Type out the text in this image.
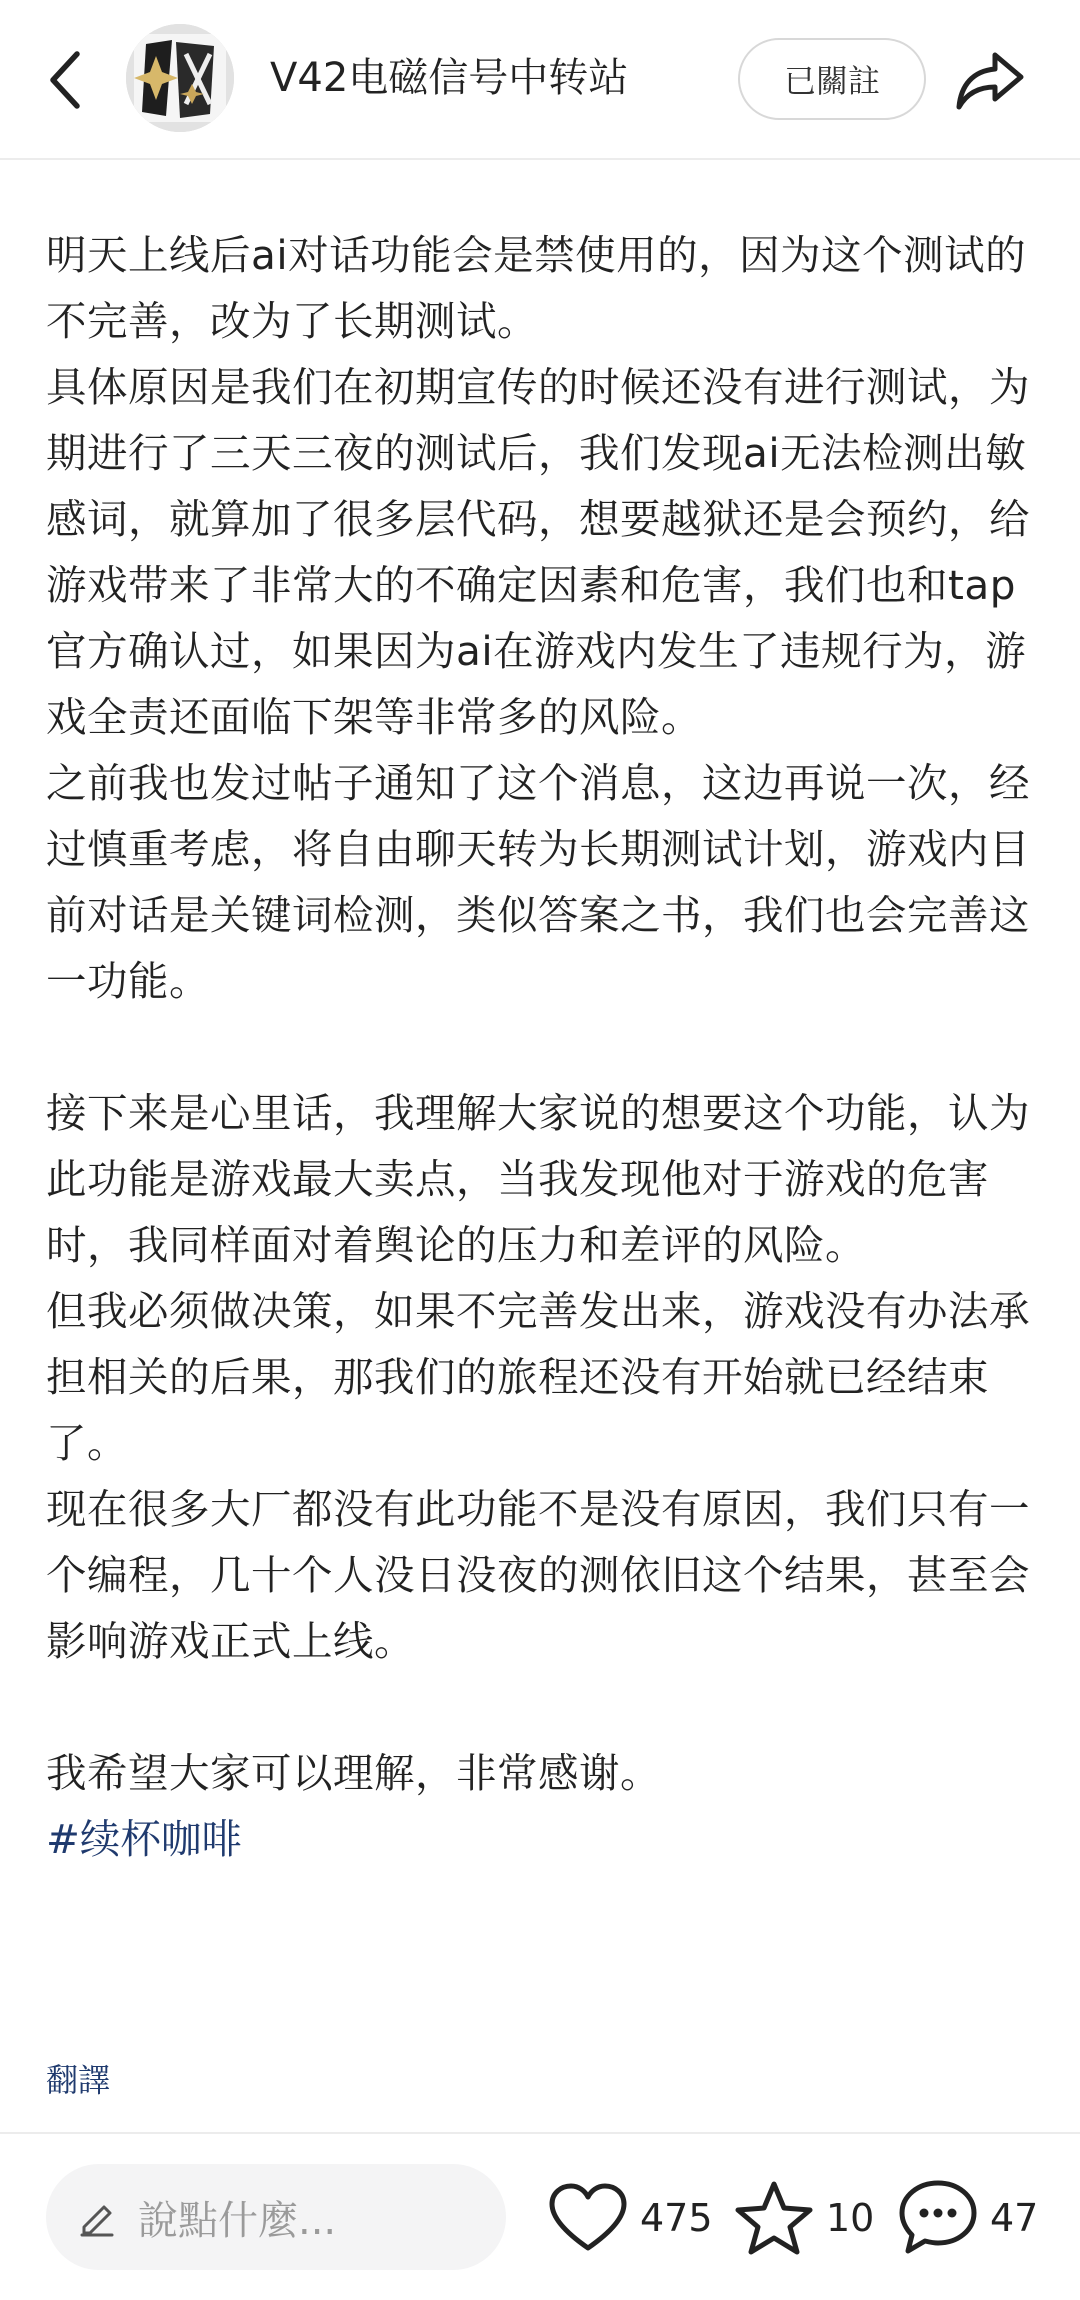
V42电磁信号中转站	已關註

明天上线后ai对话功能会是禁使用的，因为这个测试的不完善，改为了长期测试。

具体原因是我们在初期宣传的时候还没有进行测试，为期进行了三天三夜的测试后，我们发现ai无法检测出敏感词，就算加了很多层代码，想要越狱还是会预约，给游戏带来了非常大的不确定因素和危害，我们也和tap官方确认过，如果因为ai在游戏内发生了违规行为，游戏全责还面临下架等非常多的风险。

之前我也发过帖子通知了这个消息，这边再说一次，经过慎重考虑，将自由聊天转为长期测试计划，游戏内目前对话是关键词检测，类似答案之书，我们也会完善这一功能。

接下来是心里话，我理解大家说的想要这个功能，认为此功能是游戏最大卖点，当我发现他对于游戏的危害时，我同样面对着舆论的压力和差评的风险。

但我必须做决策，如果不完善发出来，游戏没有办法承担相关的后果，那我们的旅程还没有开始就已经结束了。

现在很多大厂都没有此功能不是没有原因，我们只有一个编程，几十个人没日没夜的测依旧这个结果，甚至会影响游戏正式上线。

我希望大家可以理解，非常感谢。

#续杯咖啡
翻譯
說點什麼...	475	10	47
